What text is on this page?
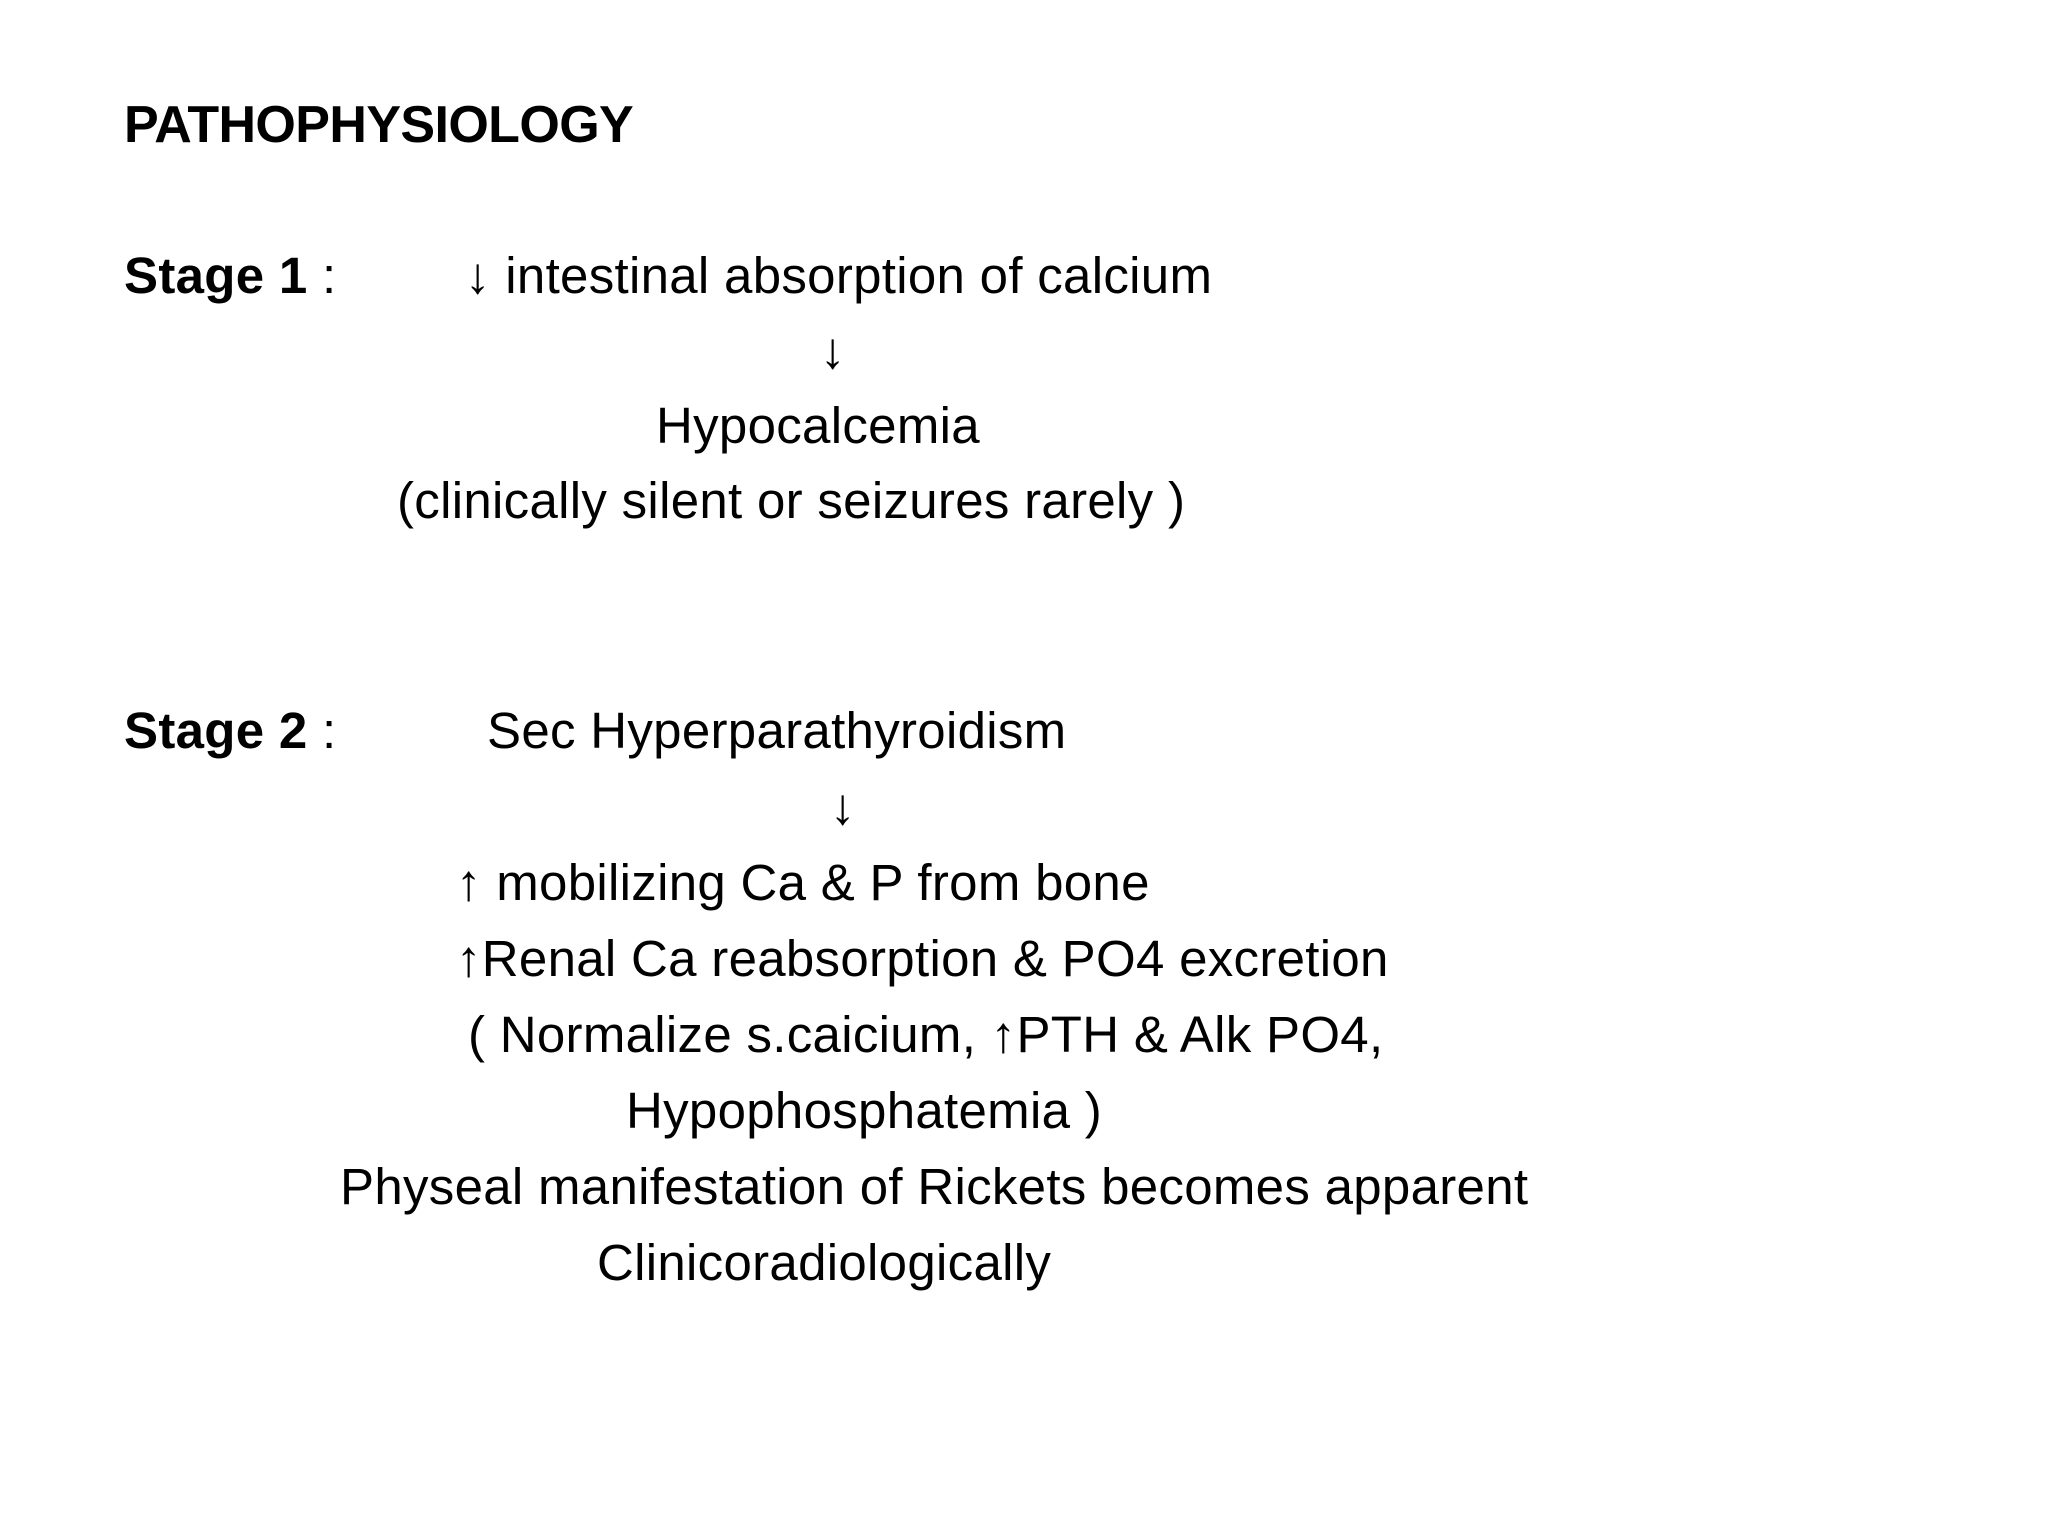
PATHOPHYSIOLOGY
Stage 1 :	↓ intestinal absorption of calcium
↓
Hypocalcemia
(clinically silent or seizures rarely )
Stage 2 :	Sec Hyperparathyroidism
↓
↑ mobilizing Ca & P from bone
↑Renal Ca reabsorption & PO4 excretion
( Normalize s.caicium, ↑PTH & Alk PO4,
Hypophosphatemia )
Physeal manifestation of Rickets becomes apparent
Clinicoradiologically
